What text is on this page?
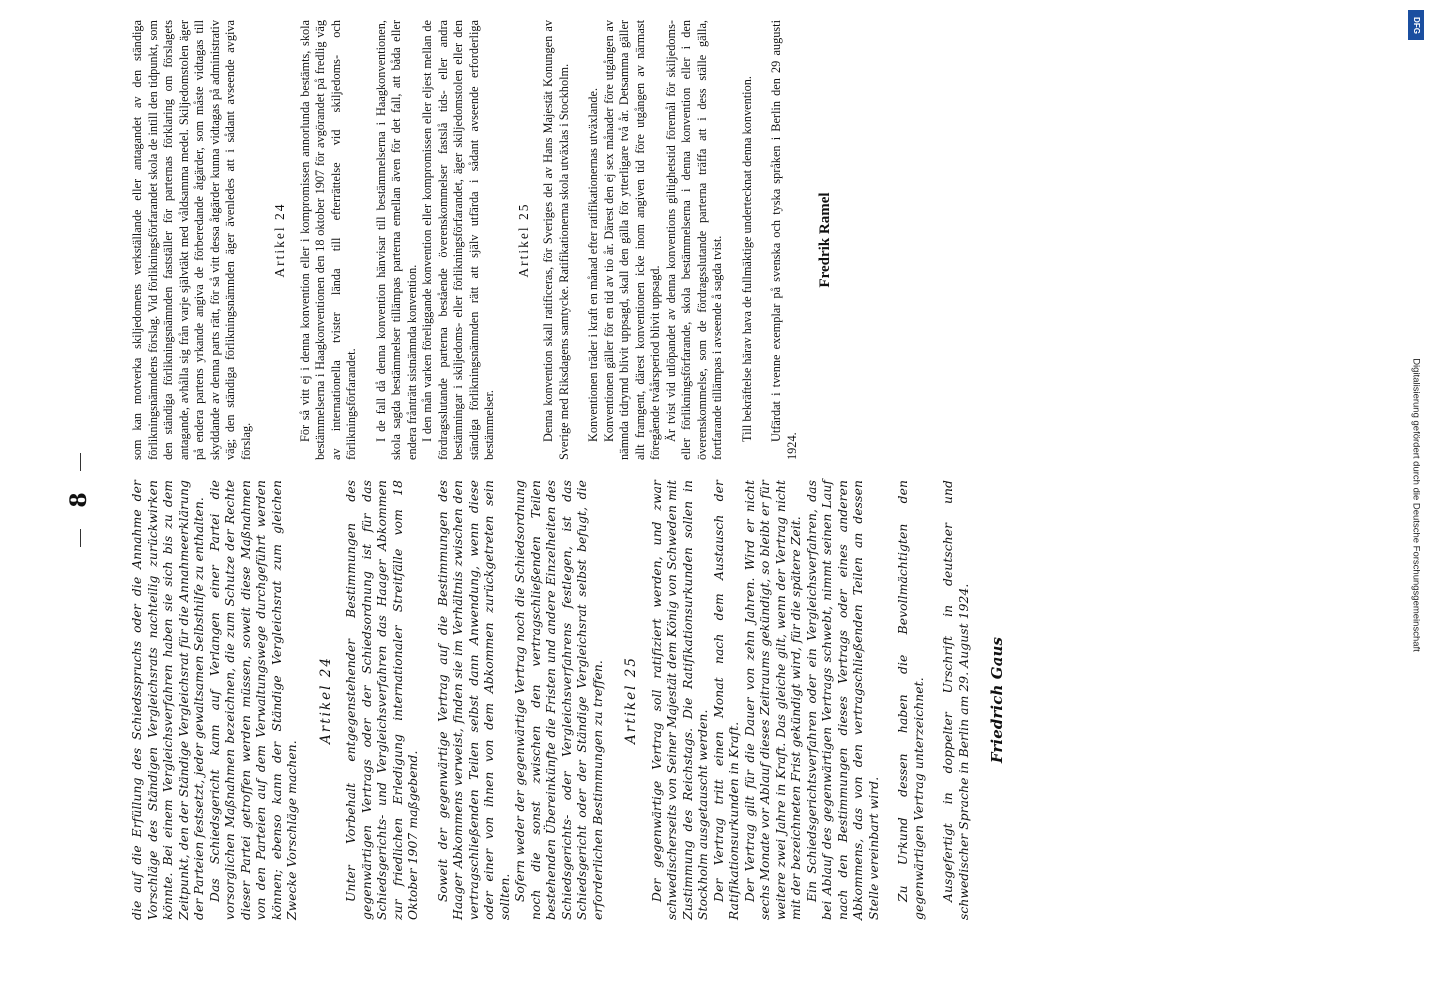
8	die auf die Erfüllung des Schiedsspruchs oder die Annahme der Vorschläge des Ständigen Vergleichsrats nachteilig zurückwirken könnte. Bei einem Vergleichsverfahren haben sie sich bis zu dem Zeitpunkt, den der Ständige Vergleichsrat für die Annahmeerklärung der Parteien festsetzt, jeder gewaltsamen Selbsthilfe zu enthalten. Das Schiedsgericht kann auf Verlangen einer Partei die vorsorglichen Maßnahmen bezeichnen, die zum Schutze der Rechte dieser Partei getroffen werden müssen, soweit diese Maßnahmen von den Parteien auf dem Verwaltungswege durchgeführt werden können; ebenso kann der Ständige Vergleichsrat zum gleichen Zwecke Vorschläge machen.

Artikel 24 Unter Vorbehalt entgegenstehender Bestimmungen des gegenwärtigen Vertrags oder der Schiedsordnung ist für das Schiedsgerichts- und Vergleichsverfahren das Haager Abkommen zur friedlichen Erledigung internationaler Streitfälle vom 18 Oktober 1907 maßgebend. Soweit der gegenwärtige Vertrag auf die Bestimmungen des Haager Abkommens verweist, finden sie im Verhältnis zwischen den vertragschließenden Teilen selbst dann Anwendung, wenn diese oder einer von ihnen von dem Abkommen zurückgetreten sein sollten. Sofern weder der gegenwärtige Vertrag noch die Schiedsordnung noch die sonst zwischen den vertragschließenden Teilen bestehenden Übereinkünfte die Fristen und andere Einzelheiten des Schiedsgerichts- oder Vergleichsverfahrens festlegen, ist das Schiedsgericht oder der Ständige Vergleichsrat selbst befugt, die erforderlichen Bestimmungen zu treffen. Artikel 25 Der gegenwärtige Vertrag soll ratifiziert werden, und zwar schwedischerseits von Seiner Majestät dem König von Schweden mit Zustimmung des Reichstags. Die Ratifikationsurkunden sollen in Stockholm ausgetauscht werden. Der Vertrag tritt einen Monat nach dem Austausch der Ratifikationsurkunden in Kraft. Der Vertrag gilt für die Dauer von zehn Jahren. Wird er nicht sechs Monate vor Ablauf dieses Zeitraums gekündigt, so bleibt er für weitere zwei Jahre in Kraft. Das gleiche gilt, wenn der Vertrag nicht mit der bezeichneten Frist gekündigt wird, für die spätere Zeit. Ein Schiedsgerichtsverfahren oder ein Vergleichsverfahren, das bei Ablauf des gegenwärtigen Vertrags schwebt, nimmt seinen Lauf nach den Bestimmungen dieses Vertrags oder eines anderen Abkommens, das von den vertragschließenden Teilen an dessen Stelle vereinbart wird. Zu Urkund dessen haben die Bevollmächtigten den gegenwärtigen Vertrag unterzeichnet. Ausgefertigt in doppelter Urschrift in deutscher und schwedischer Sprache in Berlin am 29. August 1924. Friedrich Gaus

som kan motverka skiljedomens verkställande eller antagandet av den ständiga förlikningsnämndens förslag. Vid förlikningsförfarandet skola de intill den tidpunkt, som den ständiga förlikningsnämnden fastställer för parternas förklaring om förslagets antagande, avhålla sig från varje självtäkt med våldsamma medel. Skiljedomstolen äger på endera partens yrkande angiva de förberedande åtgärder, som måste vidtagas till skyddande av denna parts rätt, för så vitt dessa åtgärder kunna vidtagas på administrativ väg; den ständiga förlikningsnämnden äger ävenledes att i sådant avseende avgiva förslag.

Artikel 24 För så vitt ej i denna konvention eller i kompromissen annorlunda bestämts, skola bestämmelserna i Haagkonventionen den 18 oktober 1907 för avgörandet på fredlig väg av internationella tvister lända till efterrättelse vid skiljedoms- och förlikningsförfarandet. I de fall då denna konvention hänvisar till bestämmelserna i Haagkonventionen, skola sagda bestämmelser tillämpas parterna emellan även för det fall, att båda eller endera frånträtt sistnämnda konvention. I den mån varken föreliggande konvention eller kompromissen eller eljest mellan de fördragsslutande parterna bestående överenskommelser fastslå tids- eller andra bestämningar i skiljedoms- eller förlikningsförfarandet, äger skiljedomstolen eller den ständiga förlikningsnämnden rätt att själv utfärda i sådant avseende erforderliga bestämmelser.

Artikel 25 Denna konvention skall ratificeras, för Sveriges del av Hans Majestät Konungen av Sverige med Riksdagens samtycke. Ratifikationerna skola utväxlas i Stockholm. Konventionen träder i kraft en månad efter ratifikationernas utväxlande. Konventionen gäller för en tid av tio år. Därest den ej sex månader före utgången av nämnda tidrymd blivit uppsagd, skall den gälla för ytterligare två år. Detsamma gäller allt framgent, därest konventionen icke inom angiven tid före utgången av närmast föregående tvåårsperiod blivit uppsagd. Är tvist vid utlöpandet av denna konventions giltighetstid föremål för skiljedoms- eller förlikningsförfarande, skola bestämmelserna i denna konvention eller i den överenskommelse, som de fördragsslutande parterna träffa att i dess ställe gälla, fortfarande tillämpas i avseende å sagda tvist. Till bekräftelse härav hava de fullmäktige undertecknat denna konvention. Utfärdat i tvenne exemplar på svenska och tyska språken i Berlin den 29 augusti 1924.

Fredrik Ramel
DFG
Digitalisierung gefördert durch die Deutsche Forschungsgemeinschaft
